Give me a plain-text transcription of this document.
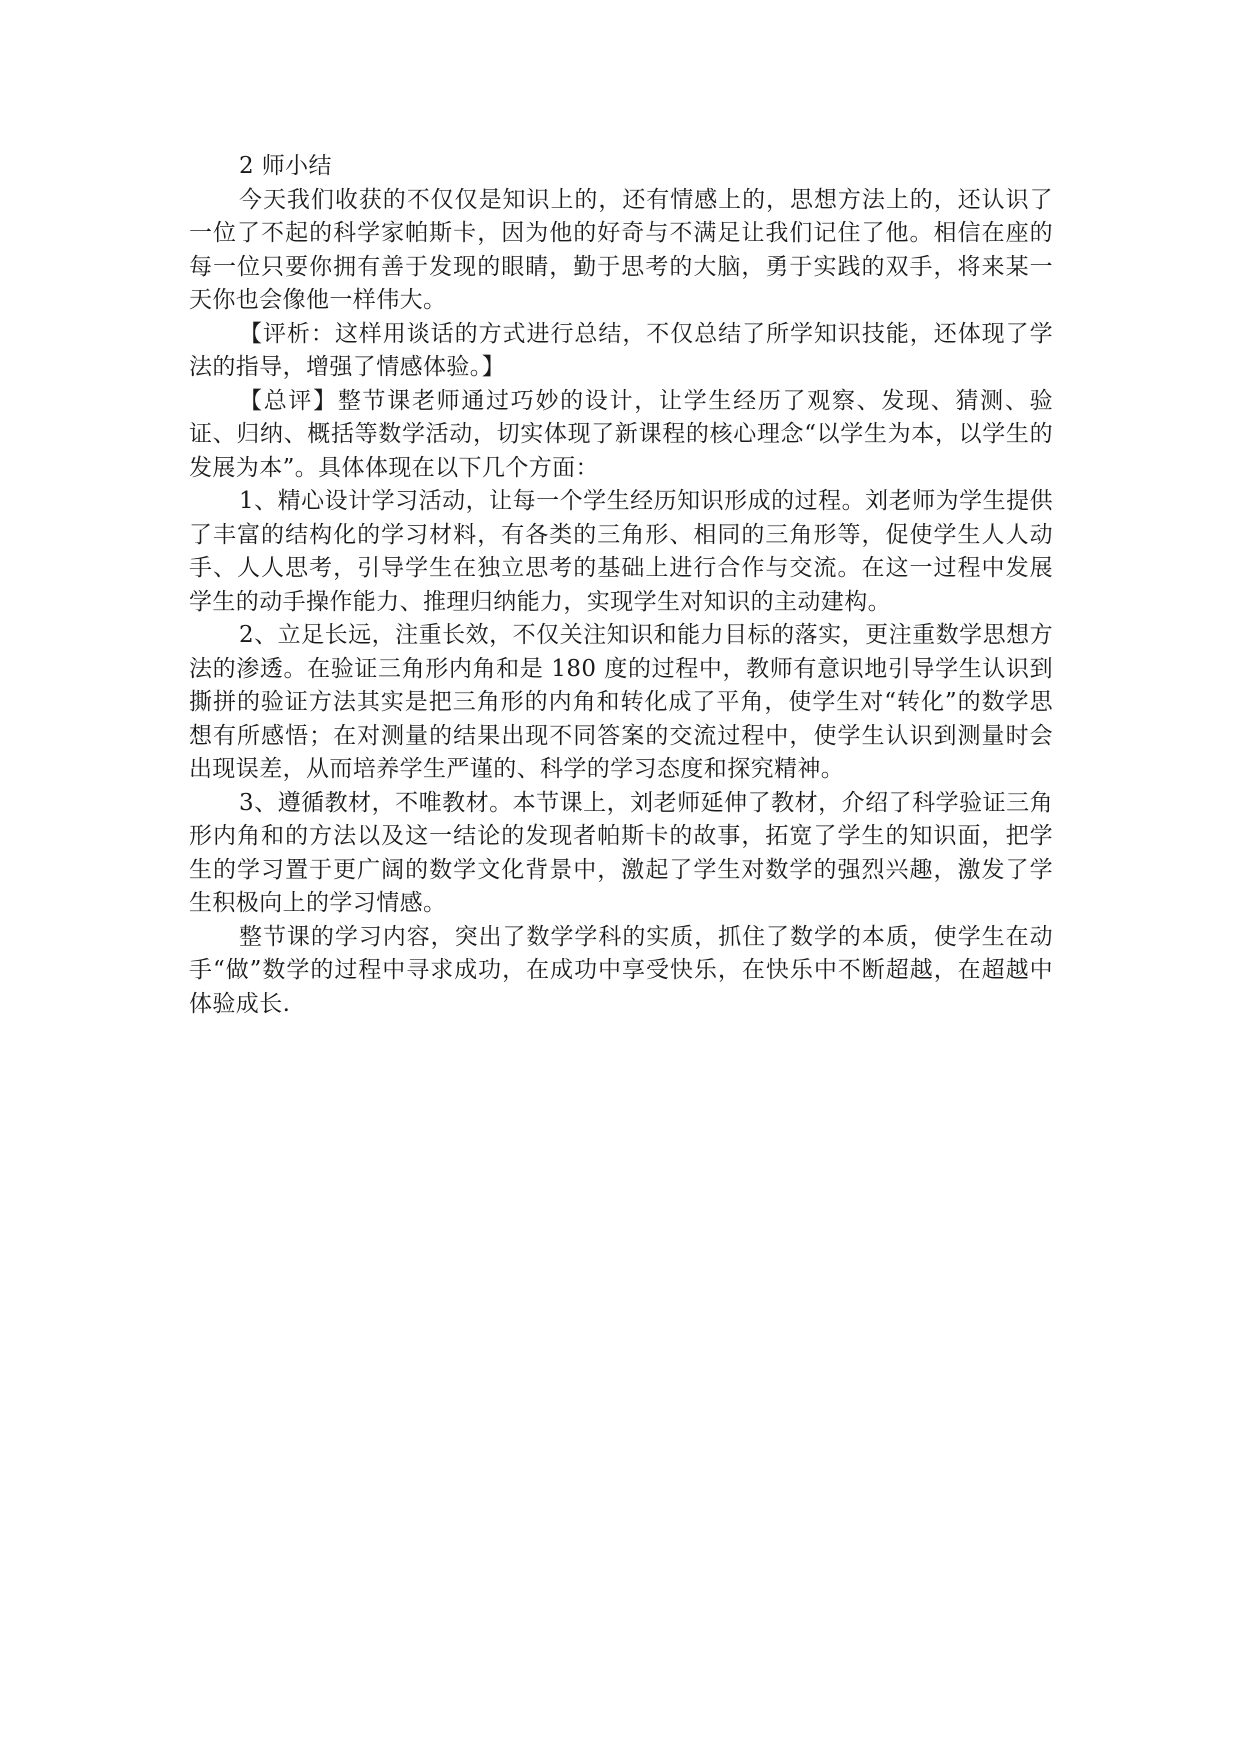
2 师小结

今天我们收获的不仅仅是知识上的，还有情感上的，思想方法上的，还认识了一位了不起的科学家帕斯卡，因为他的好奇与不满足让我们记住了他。相信在座的每一位只要你拥有善于发现的眼睛，勤于思考的大脑，勇于实践的双手，将来某一天你也会像他一样伟大。

【评析：这样用谈话的方式进行总结，不仅总结了所学知识技能，还体现了学法的指导，增强了情感体验。】

【总评】整节课老师通过巧妙的设计，让学生经历了观察、发现、猜测、验证、归纳、概括等数学活动，切实体现了新课程的核心理念“以学生为本，以学生的发展为本”。具体体现在以下几个方面：

1、精心设计学习活动，让每一个学生经历知识形成的过程。刘老师为学生提供了丰富的结构化的学习材料，有各类的三角形、相同的三角形等，促使学生人人动手、人人思考，引导学生在独立思考的基础上进行合作与交流。在这一过程中发展学生的动手操作能力、推理归纳能力，实现学生对知识的主动建构。

2、立足长远，注重长效，不仅关注知识和能力目标的落实，更注重数学思想方法的渗透。在验证三角形内角和是 180 度的过程中，教师有意识地引导学生认识到撕拼的验证方法其实是把三角形的内角和转化成了平角，使学生对“转化”的数学思想有所感悟；在对测量的结果出现不同答案的交流过程中，使学生认识到测量时会出现误差，从而培养学生严谨的、科学的学习态度和探究精神。

3、遵循教材，不唯教材。本节课上，刘老师延伸了教材，介绍了科学验证三角形内角和的方法以及这一结论的发现者帕斯卡的故事，拓宽了学生的知识面，把学生的学习置于更广阔的数学文化背景中，激起了学生对数学的强烈兴趣，激发了学生积极向上的学习情感。

整节课的学习内容，突出了数学学科的实质，抓住了数学的本质，使学生在动手“做”数学的过程中寻求成功，在成功中享受快乐，在快乐中不断超越，在超越中体验成长.
